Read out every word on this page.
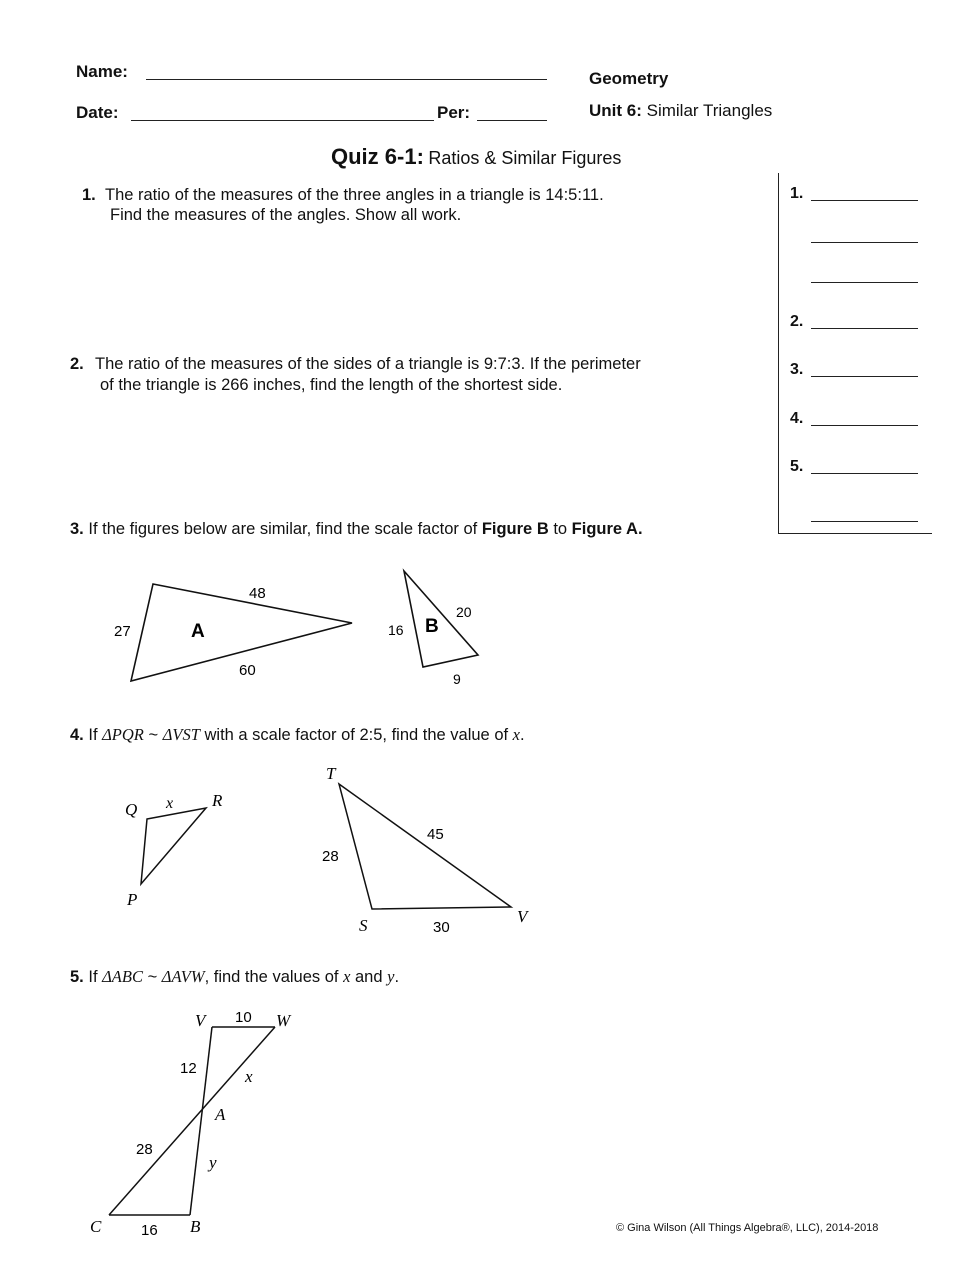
Name:
Date:	Per:
Geometry
Unit 6: Similar Triangles
Quiz 6-1: Ratios & Similar Figures
1.
2.
3.
4.
5.
1. The ratio of the measures of the three angles in a triangle is 14:5:11.
Find the measures of the angles. Show all work.
2. The ratio of the measures of the sides of a triangle is 9:7:3. If the perimeter
of the triangle is 266 inches, find the length of the shortest side.
3. If the figures below are similar, find the scale factor of Figure B to Figure A.
48
27
60
A
20
16
9
B
Q	R
P
x
T
S	V
45
28
30
V	W
A
C	B
10
12	x
28
y
16
4. If ΔPQR ~ ΔVST with a scale factor of 2:5, find the value of x.
5. If ΔABC ~ ΔAVW, find the values of x and y.
© Gina Wilson (All Things Algebra®, LLC), 2014-2018
